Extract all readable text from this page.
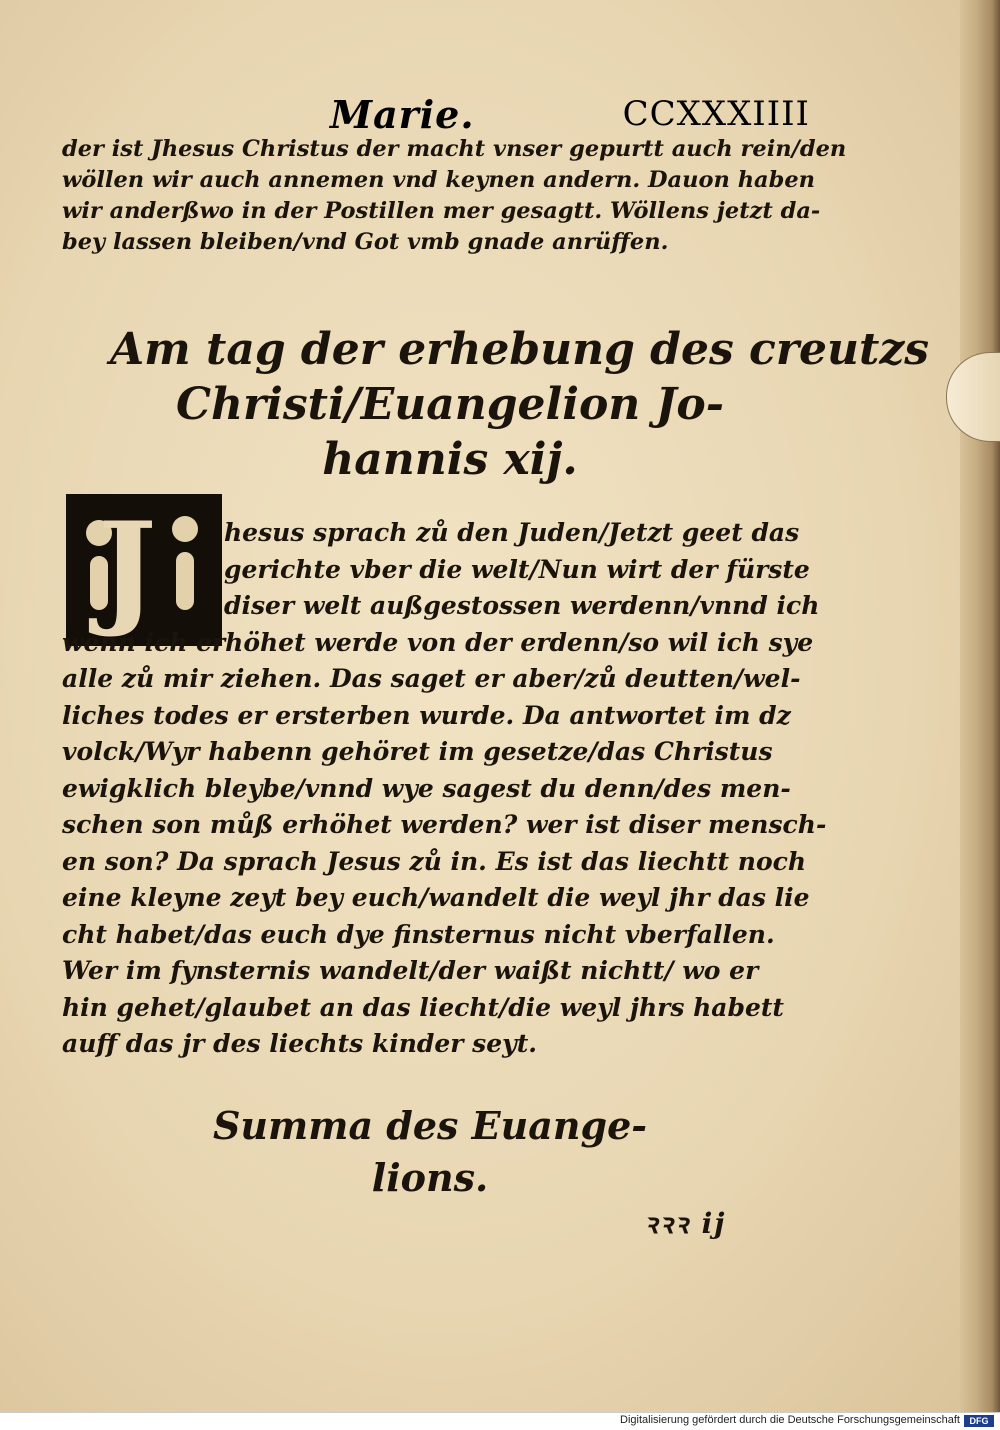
Marie.	CCXXXIIII
der ist Jhesus Christus der macht vnser gepurtt auch rein/den
wöllen wir auch annemen vnd keynen andern. Dauon haben
wir anderßwo in der Postillen mer gesagtt. Wöllens jetzt da-
bey lassen bleiben/vnd Got vmb gnade anrüffen.
Am tag der erhebung des creutzs
Christi/Euangelion Jo-
hannis xij.
J	hesus sprach zů den Juden/Jetzt geet das
gerichte vber die welt/Nun wirt der fürste
diser welt außgestossen werdenn/vnnd ich
wenn ich erhöhet werde von der erdenn/so wil ich sye
alle zů mir ziehen. Das saget er aber/zů deutten/wel-
liches todes er ersterben wurde. Da antwortet im dz
volck/Wyr habenn gehöret im gesetze/das Christus
ewigklich bleybe/vnnd wye sagest du denn/des men-
schen son můß erhöhet werden? wer ist diser mensch-
en son? Da sprach Jesus zů in. Es ist das liechtt noch
eine kleyne zeyt bey euch/wandelt die weyl jhr das lie
cht habet/das euch dye finsternus nicht vberfallen.
Wer im fynsternis wandelt/der waißt nichtt/ wo er
hin gehet/glaubet an das liecht/die weyl jhrs habett
auff das jr des liechts kinder seyt.
Summa des Euange-
lions.
ꝛꝛꝛ ij
Digitalisierung gefördert durch die Deutsche Forschungsgemeinschaft	DFG
